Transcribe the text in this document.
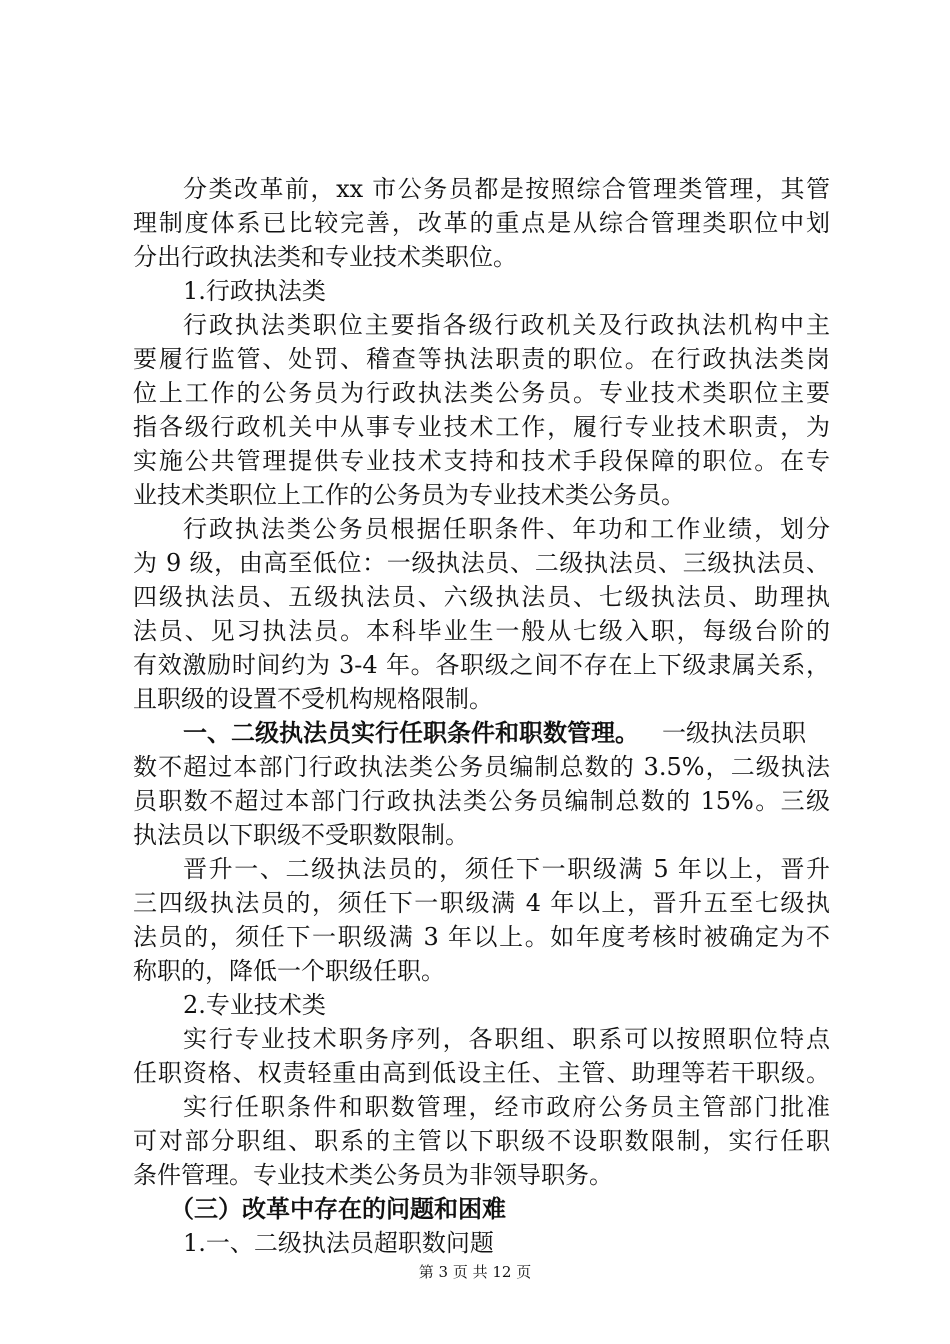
分类改革前，xx 市公务员都是按照综合管理类管理，其管
理制度体系已比较完善，改革的重点是从综合管理类职位中划
分出行政执法类和专业技术类职位。
1.行政执法类
行政执法类职位主要指各级行政机关及行政执法机构中主
要履行监管、处罚、稽查等执法职责的职位。在行政执法类岗
位上工作的公务员为行政执法类公务员。专业技术类职位主要
指各级行政机关中从事专业技术工作，履行专业技术职责，为
实施公共管理提供专业技术支持和技术手段保障的职位。在专
业技术类职位上工作的公务员为专业技术类公务员。
行政执法类公务员根据任职条件、年功和工作业绩，划分
为 9 级，由高至低位：一级执法员、二级执法员、三级执法员、
四级执法员、五级执法员、六级执法员、七级执法员、助理执
法员、见习执法员。本科毕业生一般从七级入职，每级台阶的
有效激励时间约为 3-4 年。各职级之间不存在上下级隶属关系，
且职级的设置不受机构规格限制。
一、二级执法员实行任职条件和职数管理。 一级执法员职
数不超过本部门行政执法类公务员编制总数的 3.5%，二级执法
员职数不超过本部门行政执法类公务员编制总数的 15%。三级
执法员以下职级不受职数限制。
晋升一、二级执法员的，须任下一职级满 5 年以上，晋升
三四级执法员的，须任下一职级满 4 年以上，晋升五至七级执
法员的，须任下一职级满 3 年以上。如年度考核时被确定为不
称职的，降低一个职级任职。
2.专业技术类
实行专业技术职务序列，各职组、职系可以按照职位特点
任职资格、权责轻重由高到低设主任、主管、助理等若干职级。
实行任职条件和职数管理，经市政府公务员主管部门批准
可对部分职组、职系的主管以下职级不设职数限制，实行任职
条件管理。专业技术类公务员为非领导职务。
（三）改革中存在的问题和困难
1.一、二级执法员超职数问题
第 3 页 共 12 页
